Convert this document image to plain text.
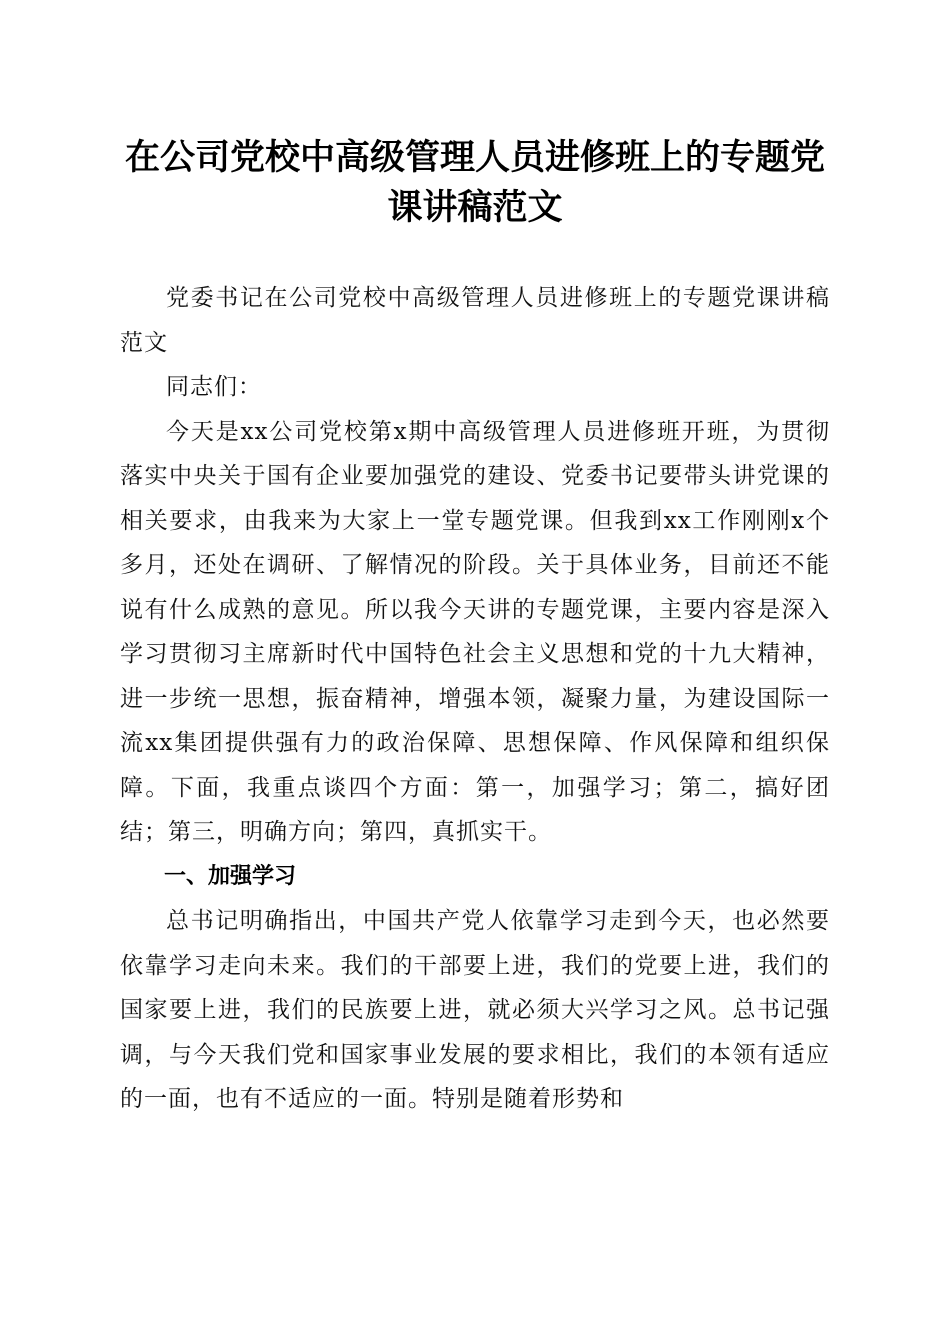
在公司党校中高级管理人员进修班上的专题党
课讲稿范文

党委书记在公司党校中高级管理人员进修班上的专题党课讲稿范文

同志们：

今天是xx公司党校第x期中高级管理人员进修班开班，为贯彻落实中央关于国有企业要加强党的建设、党委书记要带头讲党课的相关要求，由我来为大家上一堂专题党课。但我到xx工作刚刚x个多月，还处在调研、了解情况的阶段。关于具体业务，目前还不能说有什么成熟的意见。所以我今天讲的专题党课，主要内容是深入学习贯彻习主席新时代中国特色社会主义思想和党的十九大精神，进一步统一思想，振奋精神，增强本领，凝聚力量，为建设国际一流xx集团提供强有力的政治保障、思想保障、作风保障和组织保障。下面，我重点谈四个方面：第一，加强学习；第二，搞好团结；第三，明确方向；第四，真抓实干。

一、加强学习

总书记明确指出，中国共产党人依靠学习走到今天，也必然要依靠学习走向未来。我们的干部要上进，我们的党要上进，我们的国家要上进，我们的民族要上进，就必须大兴学习之风。总书记强调，与今天我们党和国家事业发展的要求相比，我们的本领有适应的一面，也有不适应的一面。特别是随着形势和
